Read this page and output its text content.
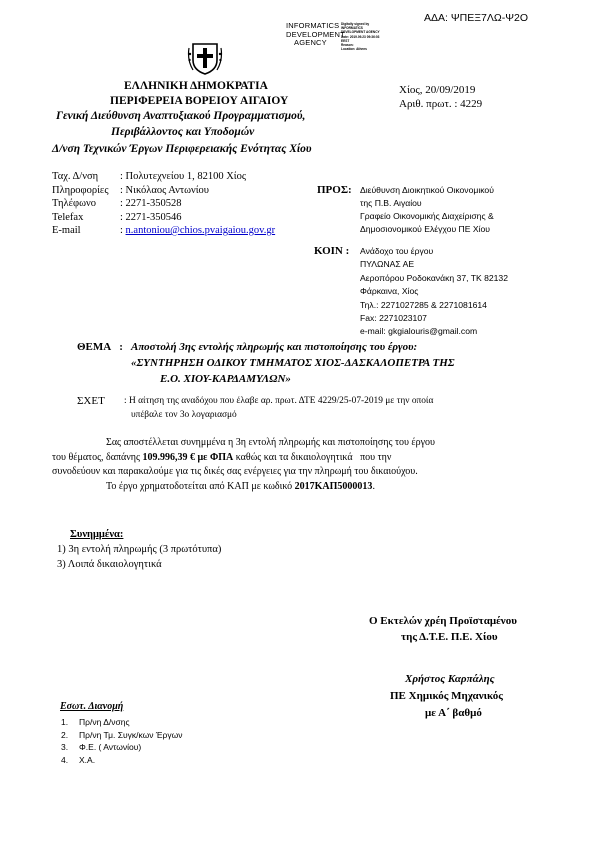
ΑΔΑ: ΨΠΕΞ7ΛΩ-Ψ2Ο
INFORMATICS
DEVELOPMENT
AGENCY
Digitally signed by
INFORMATICS
DEVELOPMENT AGENCY
Date: 2019.09.23 09:36:03
EEST
Reason:
Location: Athens
ΕΛΛΗΝΙΚΗ ΔΗΜΟΚΡΑΤΙΑ
ΠΕΡΙΦΕΡΕΙΑ ΒΟΡΕΙΟΥ ΑΙΓΑΙΟΥ
Γενική Διεύθυνση Αναπτυξιακού Προγραμματισμού,
Περιβάλλοντος και Υποδομών
Δ/νση Τεχνικών Έργων Περιφερειακής Ενότητας Χίου
Χίος, 20/09/2019
Αριθ. πρωτ. : 4229
Ταχ. Δ/νση	: Πολυτεχνείου 1, 82100 Χίος
Πληροφορίες	: Νικόλαος Αντωνίου
Τηλέφωνο	: 2271-350528
Telefax	: 2271-350546
E-mail	: n.antoniou@chios.pvaigaiou.gov.gr
ΠΡΟΣ: Διεύθυνση Διοικητικού Οικονομικού
της Π.Β. Αιγαίου
Γραφείο Οικονομικής Διαχείρισης &
Δημοσιονομικού Ελέγχου ΠΕ Χίου
ΚΟΙΝ : Ανάδοχο του έργου
ΠΥΛΩΝΑΣ ΑΕ
Αεροπόρου Ροδοκανάκη 37, ΤΚ 82132
Φάρκαινα, Χίος
Τηλ.: 2271027285 & 2271081614
Fax: 2271023107
e-mail: gkgialouris@gmail.com
ΘΕΜΑ : Αποστολή 3ης εντολής πληρωμής και πιστοποίησης του έργου:
«ΣΥΝΤΗΡΗΣΗ ΟΔΙΚΟΥ ΤΜΗΜΑΤΟΣ ΧΙΟΣ-ΔΑΣΚΑΛΟΠΕΤΡΑ ΤΗΣ
Ε.Ο. ΧΙΟΥ-ΚΑΡΔΑΜΥΛΩΝ»
ΣΧΕΤ : Η αίτηση της αναδόχου που έλαβε αρ. πρωτ. ΔΤΕ 4229/25-07-2019 με την οποία
υπέβαλε τον 3ο λογαριασμό
Σας αποστέλλεται συνημμένα η 3η εντολή πληρωμής και πιστοποίησης του έργου
του θέματος, δαπάνης 109.996,39 € με ΦΠΑ καθώς και τα δικαιολογητικά   που την
συνοδεύουν και παρακαλούμε για τις δικές σας ενέργειες για την πληρωμή του δικαιούχου.
Το έργο χρηματοδοτείται από ΚΑΠ με κωδικό 2017ΚΑΠ5000013.
Συνημμένα:
1) 3η εντολή πληρωμής (3 πρωτότυπα)
3) Λοιπά δικαιολογητικά
Ο Εκτελών χρέη Προϊσταμένου
της Δ.Τ.Ε. Π.Ε. Χίου
Χρήστος Καρπάλης
ΠΕ Χημικός Μηχανικός
με Α΄ βαθμό
Εσωτ. Διανομή
1.	Πρ/νη Δ/νσης
2.	Πρ/νη Τμ. Συγκ/κων Έργων
3.	Φ.Ε. ( Αντωνίου)
4.	Χ.Α.
